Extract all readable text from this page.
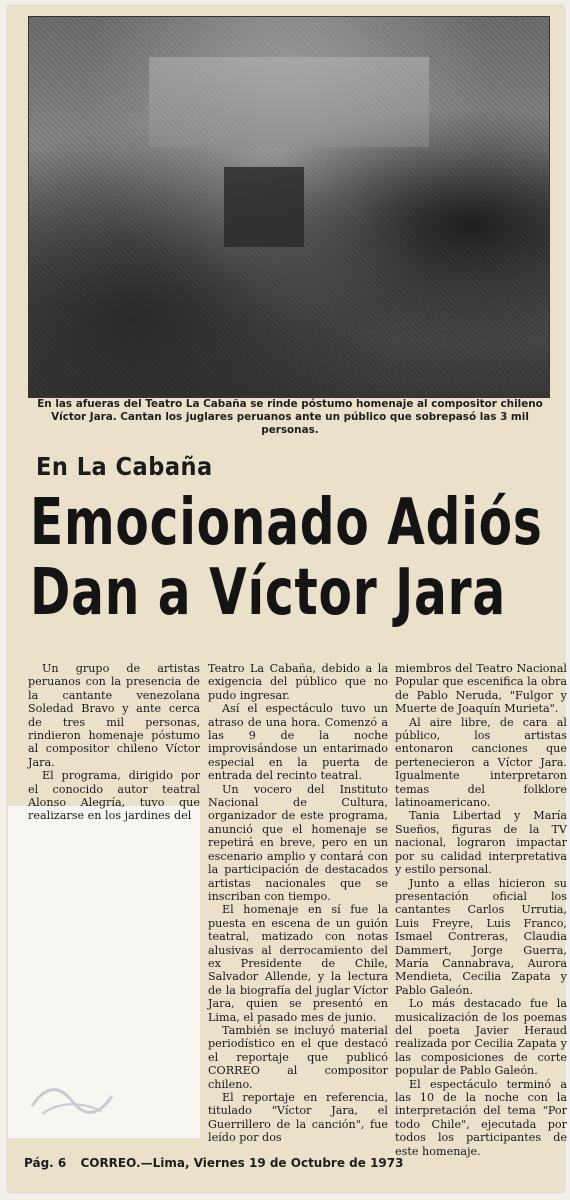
En las afueras del Teatro La Cabaña se rinde póstumo homenaje al compositor chileno Víctor Jara. Cantan los juglares peruanos ante un público que sobrepasó las 3 mil personas.
En La Cabaña
Emocionado Adiós
Dan a Víctor Jara

Un grupo de artistas peruanos con la presencia de la cantante venezolana Soledad Bravo y ante cerca de tres mil personas, rindieron homenaje póstumo al compositor chileno Víctor Jara.

El programa, dirigido por el conocido autor teatral Alonso Alegría, tuvo que realizarse en los jardines del

Teatro La Cabaña, debido a la exigencia del público que no pudo ingresar.

Así el espectáculo tuvo un atraso de una hora. Comenzó a las 9 de la noche improvisándose un entarimado especial en la puerta de entrada del recinto teatral.

Un vocero del Instituto Nacional de Cultura, organizador de este programa, anunció que el homenaje se repetirá en breve, pero en un escenario amplio y contará con la participación de destacados artistas nacionales que se inscriban con tiempo.

El homenaje en sí fue la puesta en escena de un guión teatral, matizado con notas alusivas al derrocamiento del ex Presidente de Chile, Salvador Allende, y la lectura de la biografía del juglar Víctor Jara, quien se presentó en Lima, el pasado mes de junio.

También se incluyó material periodístico en el que destacó el reportaje que publicó CORREO al compositor chileno.

El reportaje en referencia, titulado "Víctor Jara, el Guerrillero de la canción", fue leído por dos

miembros del Teatro Nacional Popular que escenifica la obra de Pablo Neruda, "Fulgor y Muerte de Joaquín Murieta".

Al aire libre, de cara al público, los artistas entonaron canciones que pertenecieron a Víctor Jara. Igualmente interpretaron temas del folklore latinoamericano.

Tania Libertad y María Sueños, figuras de la TV nacional, lograron impactar por su calidad interpretativa y estilo personal.

Junto a ellas hicieron su presentación oficial los cantantes Carlos Urrutia, Luis Freyre, Luis Franco, Ismael Contreras, Claudia Dammert, Jorge Guerra, María Cannabrava, Aurora Mendieta, Cecilia Zapata y Pablo Galeón.

Lo más destacado fue la musicalización de los poemas del poeta Javier Heraud realizada por Cecilia Zapata y las composiciones de corte popular de Pablo Galeón.

El espectáculo terminó a las 10 de la noche con la interpretación del tema "Por todo Chile", ejecutada por todos los participantes de este homenaje.

Pág. 6 CORREO.—Lima, Viernes 19 de Octubre de 1973
